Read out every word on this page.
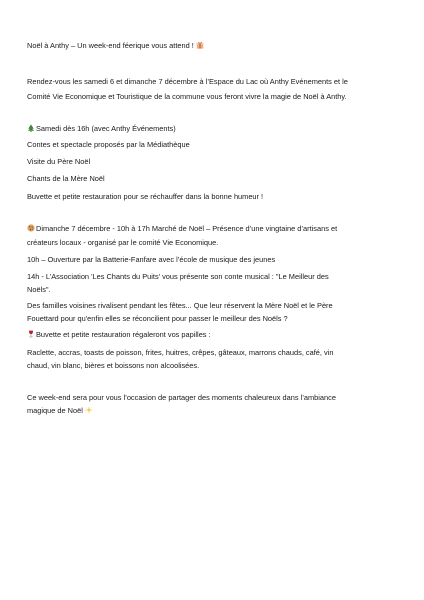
Noël à Anthy – Un week-end féerique vous attend !
Rendez-vous les samedi 6 et dimanche 7 décembre à l’Espace du Lac où Anthy Evénements et le
Comité Vie Economique et Touristique de la commune vous feront vivre la magie de Noël à Anthy.
Samedi dès 16h (avec Anthy Événements)
Contes et spectacle proposés par la Médiathèque
Visite du Père Noël
Chants de la Mère Noël
Buvette et petite restauration pour se réchauffer dans la bonne humeur !
Dimanche 7 décembre - 10h à 17h Marché de Noël – Présence d’une vingtaine d’artisans et
créateurs locaux - organisé par le comité Vie Economique.
10h – Ouverture par la Batterie-Fanfare avec l’école de musique des jeunes
14h - L’Association 'Les Chants du Puits' vous présente son conte musical : "Le Meilleur des
Noëls".
Des familles voisines rivalisent pendant les fêtes... Que leur réservent la Mère Noël et le Père
Fouettard pour qu'enfin elles se réconcilient pour passer le meilleur des Noëls ?
Buvette et petite restauration régaleront vos papilles :
Raclette, accras, toasts de poisson, frites, huitres, crêpes, gâteaux, marrons chauds, café, vin
chaud, vin blanc, bières et boissons non alcoolisées.
Ce week-end sera pour vous l’occasion de partager des moments chaleureux dans l’ambiance
magique de Noël
